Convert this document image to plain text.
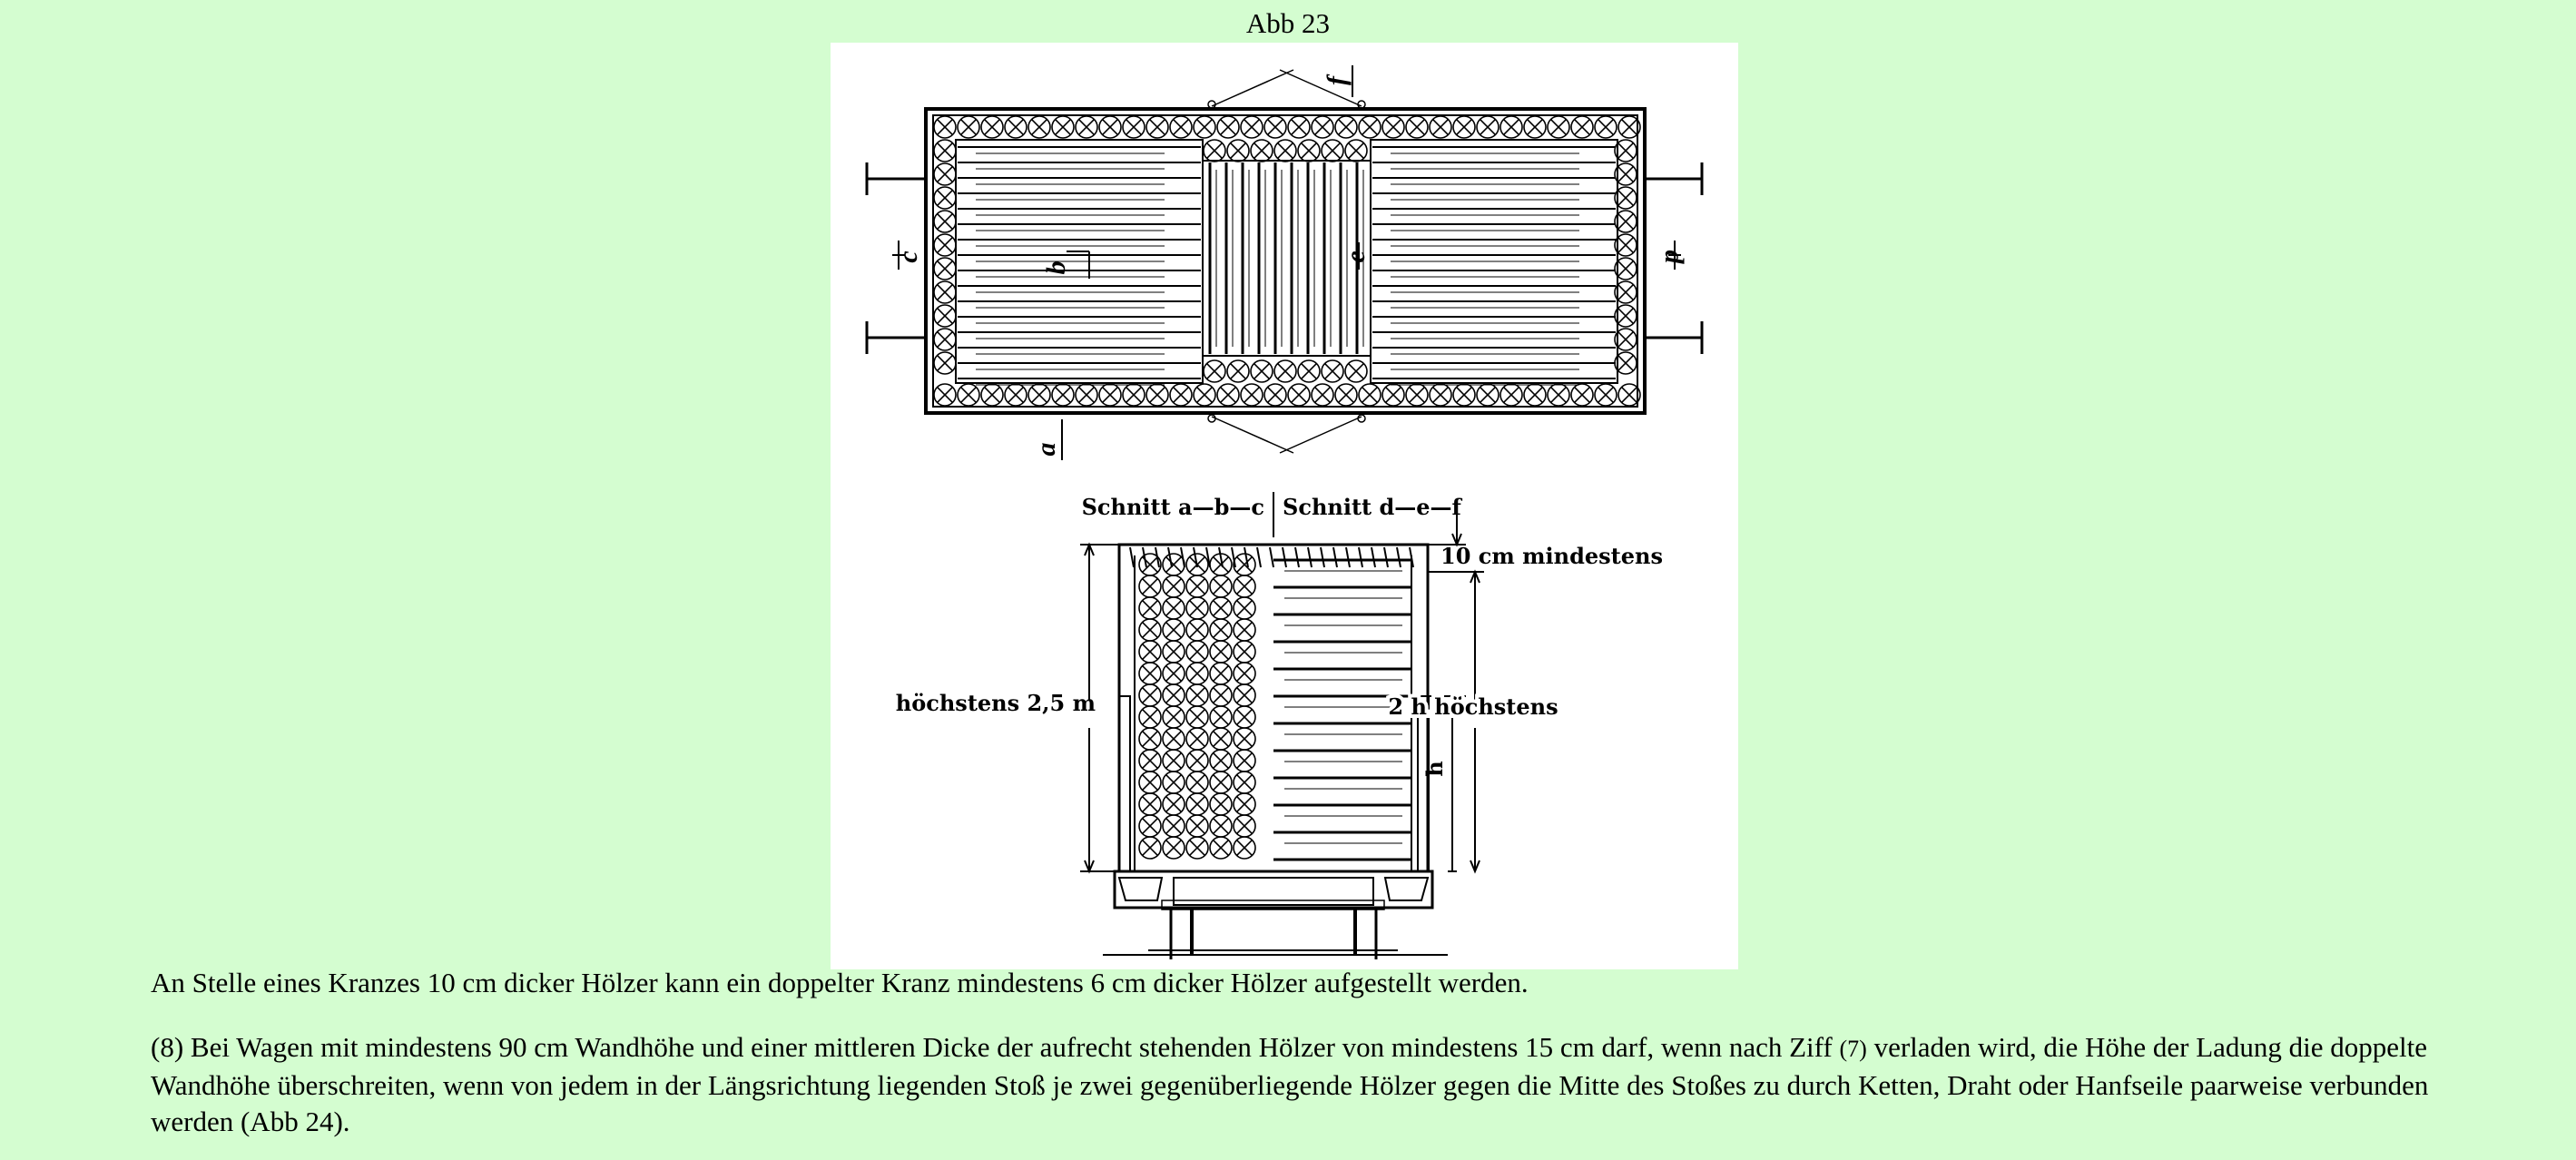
Abb 23
c	d
b
e
a
f
Schnitt a—b—c Schnitt d—e—f
10 cm mindestens
höchstens 2,5 m	2 h höchstens
h

An Stelle eines Kranzes 10 cm dicker Hölzer kann ein doppelter Kranz mindestens 6 cm dicker Hölzer aufgestellt werden.

(8) Bei Wagen mit mindestens 90 cm Wandhöhe und einer mittleren Dicke der aufrecht stehenden Hölzer von mindestens 15 cm darf, wenn nach Ziff (7) verladen wird, die Höhe der Ladung die doppelte Wandhöhe überschreiten, wenn von jedem in der Längsrichtung liegenden Stoß je zwei gegenüberliegende Hölzer gegen die Mitte des Stoßes zu durch Ketten, Draht oder Hanfseile paarweise verbunden werden (Abb 24).
